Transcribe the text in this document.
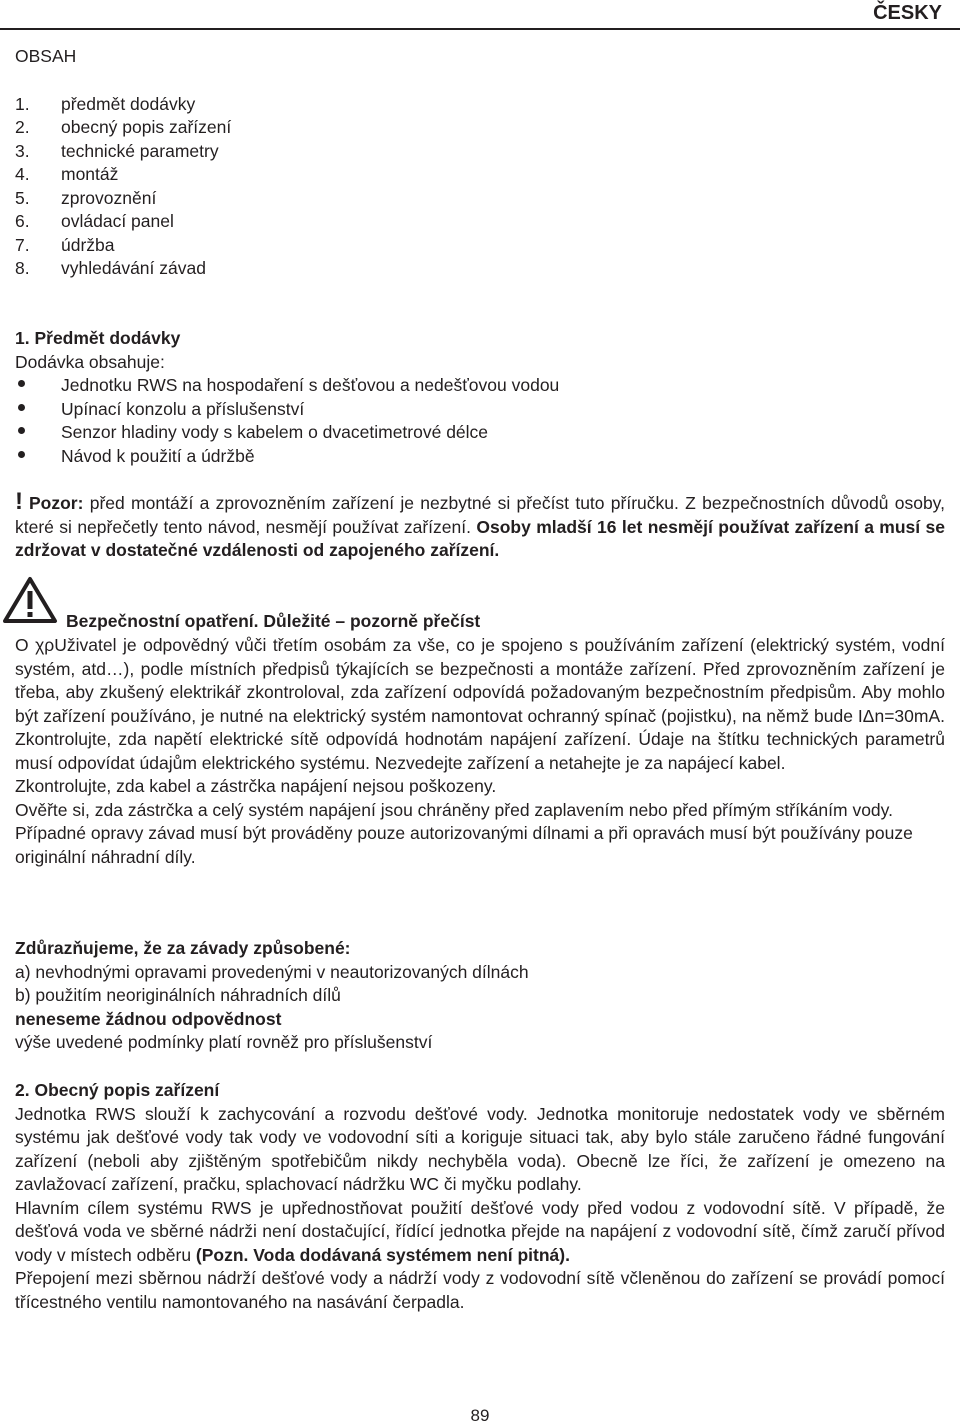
ČESKY
OBSAH
1. předmět dodávky
2. obecný popis zařízení
3. technické parametry
4. montáž
5. zprovoznění
6. ovládací panel
7. údržba
8. vyhledávání závad
1. Předmět dodávky
Dodávka obsahuje:
Jednotku RWS na hospodaření s dešťovou a nedešťovou vodou
Upínací konzolu a příslušenství
Senzor hladiny vody s kabelem o dvacetimetrové délce
Návod k použití a údržbě
! Pozor: před montáží a zprovozněním zařízení je nezbytné si přečíst tuto příručku. Z bezpečnostních důvodů osoby, které si nepřečetly tento návod, nesmějí používat zařízení. Osoby mladší 16 let nesmějí používat zařízení a musí se zdržovat v dostatečné vzdálenosti od zapojeného zařízení.
Bezpečnostní opatření. Důležité – pozorně přečíst

O χρUživatel je odpovědný vůči třetím osobám za vše, co je spojeno s používáním zařízení (elektrický systém, vodní systém, atd…), podle místních předpisů týkajících se bezpečnosti a montáže zařízení. Před zprovozněním zařízení je třeba, aby zkušený elektrikář zkontroloval, zda zařízení odpovídá požadovaným bezpečnostním předpisům. Aby mohlo být zařízení používáno, je nutné na elektrický systém namontovat ochranný spínač (pojistku), na němž bude IΔn=30mA. Zkontrolujte, zda napětí elektrické sítě odpovídá hodnotám napájení zařízení. Údaje na štítku technických parametrů musí odpovídat údajům elektrického systému. Nezvedejte zařízení a netahejte je za napájecí kabel.

Zkontrolujte, zda kabel a zástrčka napájení nejsou poškozeny.

Ověřte si, zda zástrčka a celý systém napájení jsou chráněny před zaplavením nebo před přímým stříkáním vody.

Případné opravy závad musí být prováděny pouze autorizovanými dílnami a při opravách musí být používány pouze originální náhradní díly.

Zdůrazňujeme, že za závady způsobené:
a) nevhodnými opravami provedenými v neautorizovaných dílnách
b) použitím neoriginálních náhradních dílů
neneseme žádnou odpovědnost
výše uvedené podmínky platí rovněž pro příslušenství
2. Obecný popis zařízení

Jednotka RWS slouží k zachycování a rozvodu dešťové vody. Jednotka monitoruje nedostatek vody ve sběrném systému jak dešťové vody tak vody ve vodovodní síti a koriguje situaci tak, aby bylo stále zaručeno řádné fungování zařízení (neboli aby zjištěným spotřebičům nikdy nechyběla voda). Obecně lze říci, že zařízení je omezeno na zavlažovací zařízení, pračku, splachovací nádržku WC či myčku podlahy.

Hlavním cílem systému RWS je upřednostňovat použití dešťové vody před vodou z vodovodní sítě. V případě, že dešťová voda ve sběrné nádrži není dostačující, řídící jednotka přejde na napájení z vodovodní sítě, čímž zaručí přívod vody v místech odběru (Pozn. Voda dodávaná systémem není pitná).

Přepojení mezi sběrnou nádrží dešťové vody a nádrží vody z vodovodní sítě včleněnou do zařízení se provádí pomocí třícestného ventilu namontovaného na nasávání čerpadla.

89
